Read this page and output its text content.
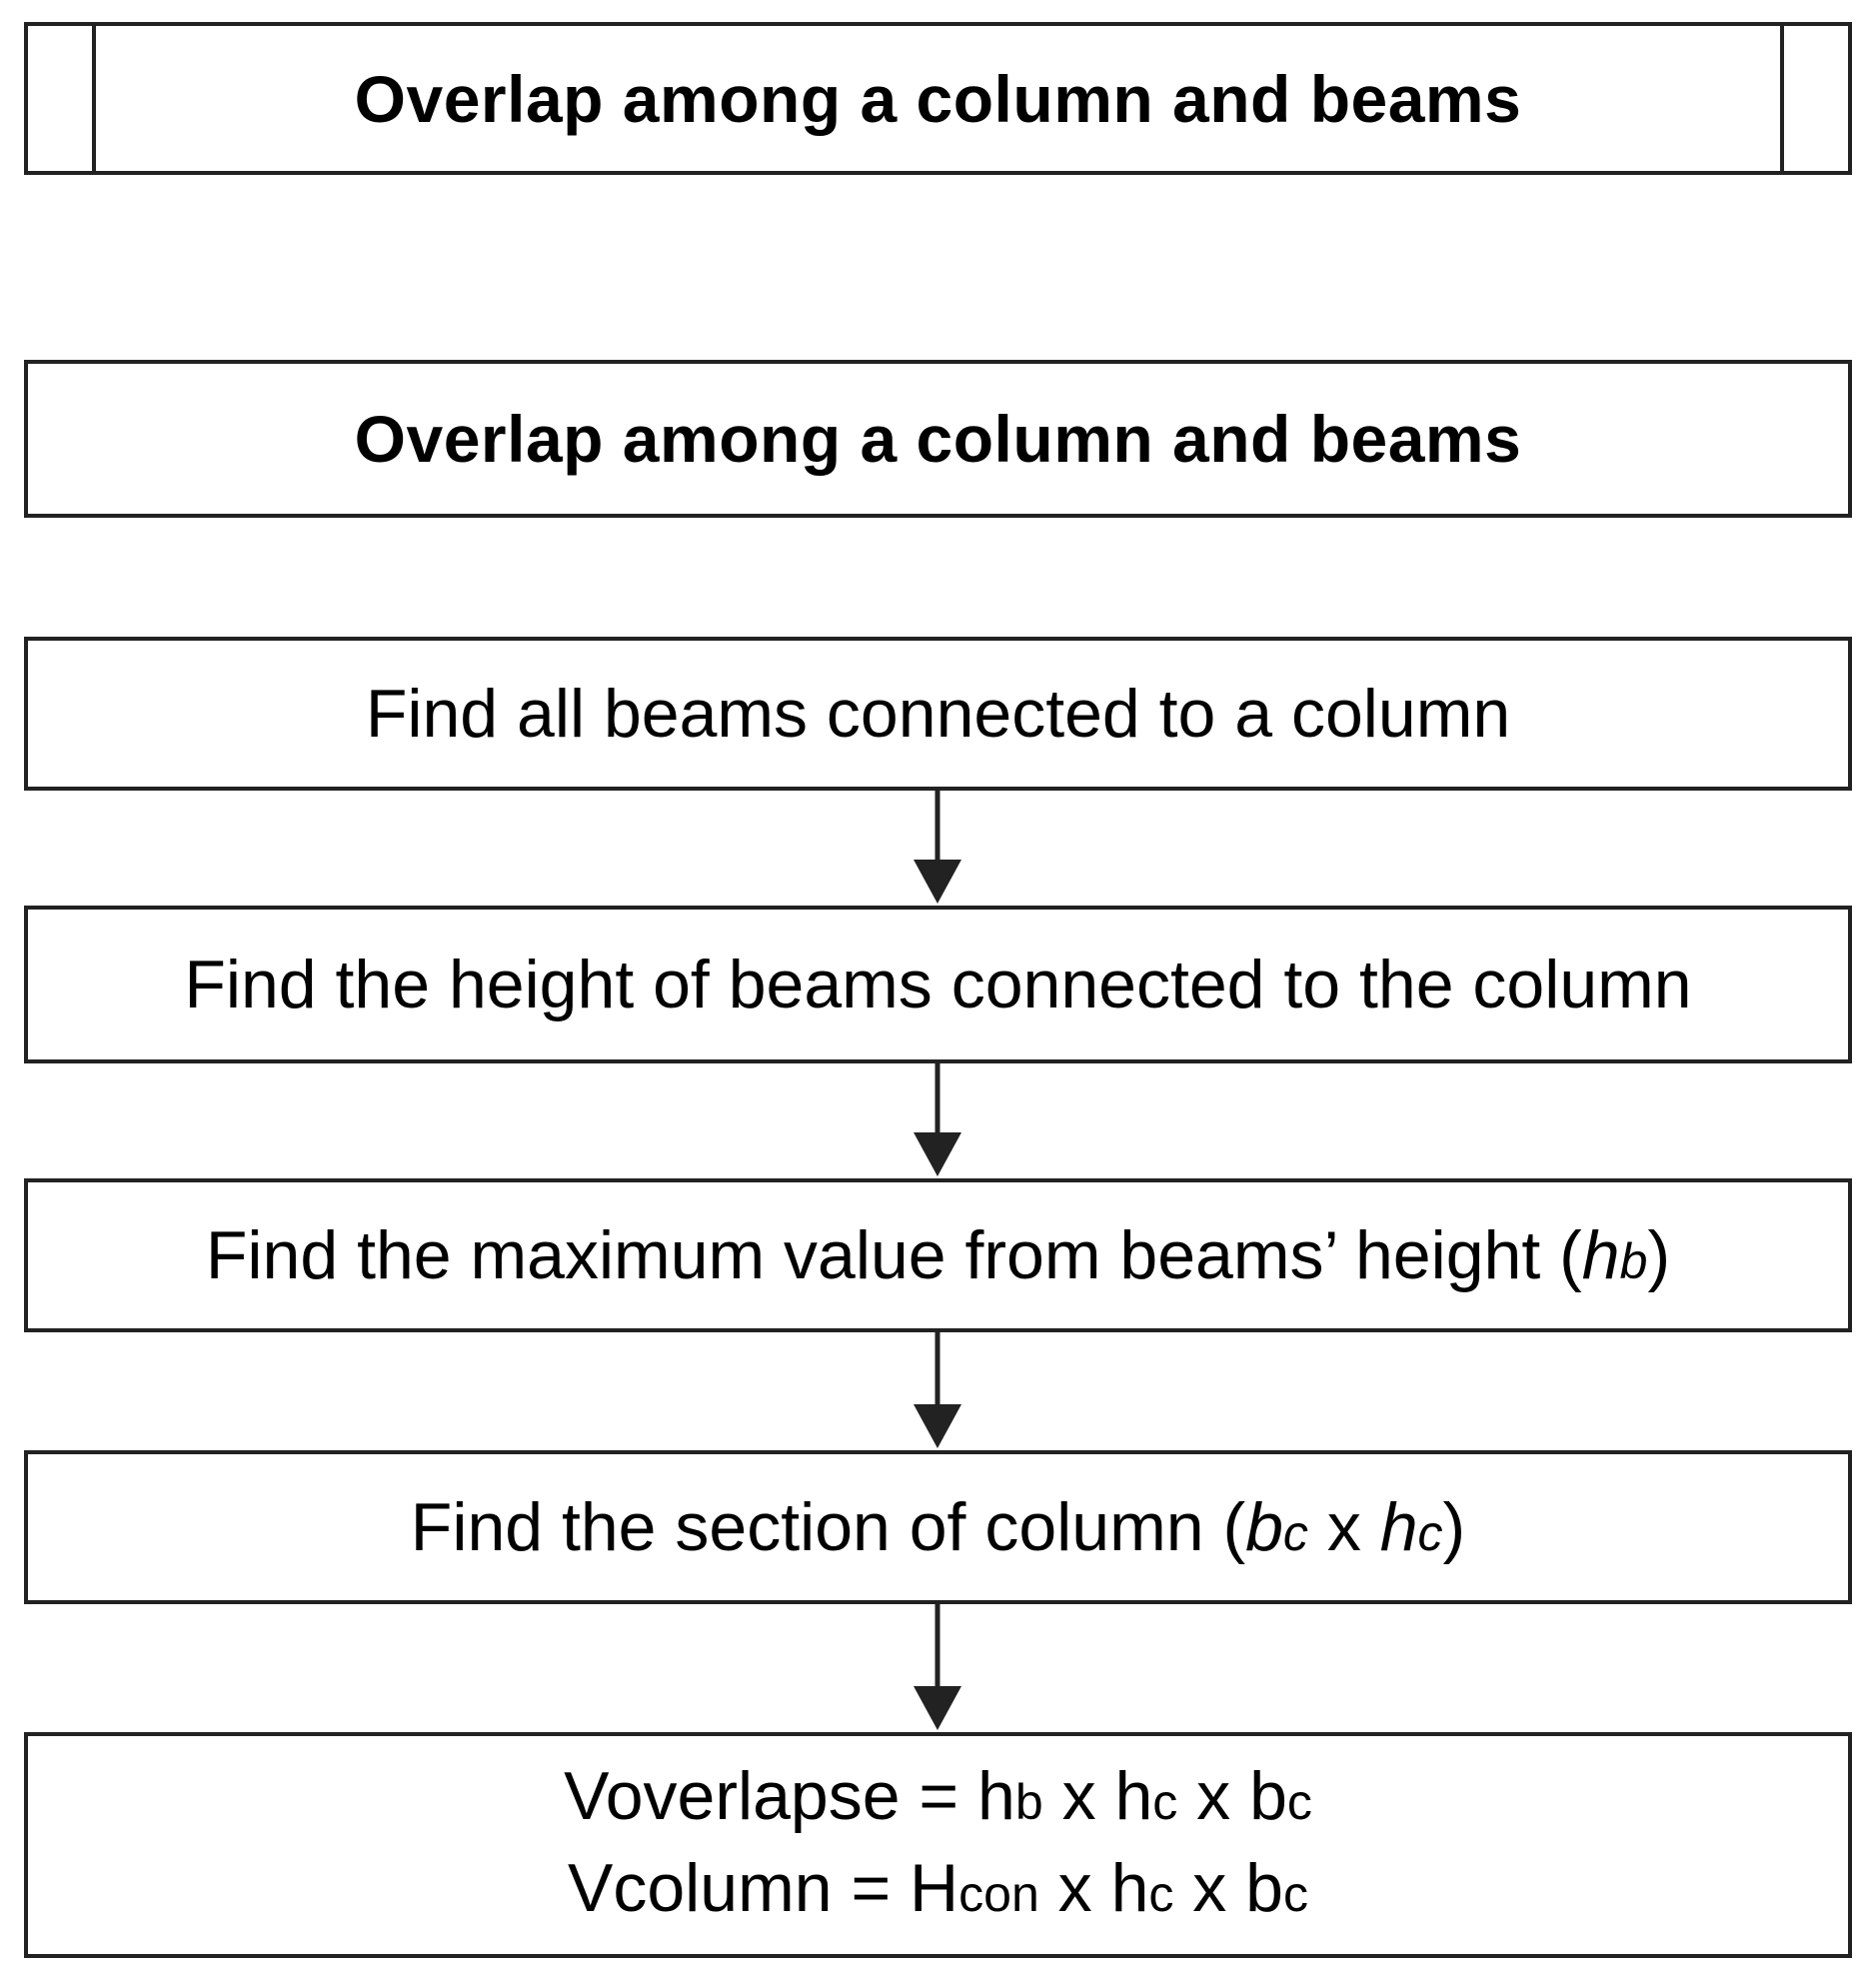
Overlap among a column and beams
Overlap among a column and beams
Find all beams connected to a column
Find the height of beams connected to the column
Find the maximum value from beams’ height (hb)
Find the section of column (bc x hc)
Voverlapse = hb x hc x bc
Vcolumn = Hcon x hc x bc
